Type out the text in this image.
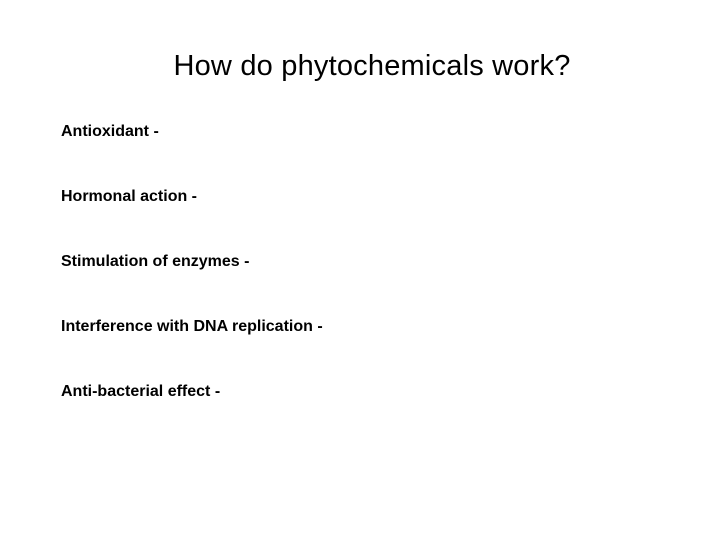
How do phytochemicals work?
Antioxidant -
Hormonal action -
Stimulation of enzymes -
Interference with DNA replication -
Anti-bacterial effect -
